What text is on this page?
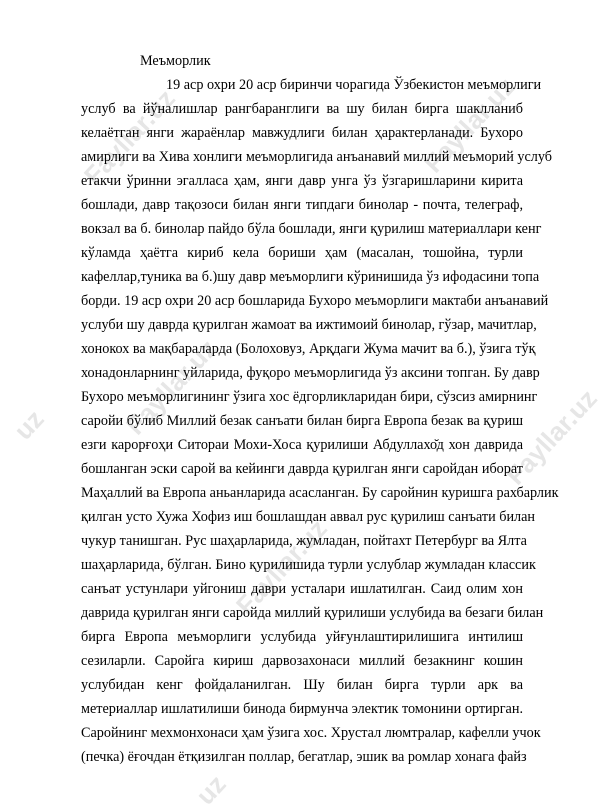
Fayllar.uz	Fayllar.uz
Fayllar.uz
Fayllar.uz
Fayllar.uz
uz
uz
Меъморлик
19 аср охри 20 аср биринчи чорагида Ўзбекистон меъморлиги
услуб ва йўналишлар рангбаранглиги ва шу билан бирга шаклланиб
келаётган янги жараёнлар мавжудлиги билан ҳарактерланади. Бухоро
амирлиги ва Хива хонлиги меъморлигида анъанавий миллий меъморий услуб
етакчи ўринни эгалласа ҳам, янги давр унга ўз ўзгаришларини кирита
бошлади, давр тақозоси билан янги типдаги бинолар - почта, телеграф,
вокзал ва б. бинолар пайдо бўла бошлади, янги қурилиш материаллари кенг
кўламда ҳаётга кириб кела бориши ҳам (масалан, тошойна, турли
кафеллар,туника ва б.)шу давр меъморлиги кўринишида ўз ифодасини топа
борди. 19 аср охри 20 аср бошларида Бухоро меъморлиги мактаби анъанавий
услуби шу даврда қурилган жамоат ва ижтимоий бинолар, гўзар, мачитлар,
хонокох ва мақбараларда (Болоховуз, Арқдаги Жума мачит ва б.), ўзига тўқ
хонадонларнинг уйларида, фуқоро меъморлигида ўз аксини топган. Бу давр
Бухоро меъморлигининг ўзига хос ёдгорликларидан бири, сўзсиз амирнинг
саройи бўлиб Миллий безак санъати билан бирга Европа безак ва қуриш
езги карорғоҳи Ситораи Мохи-Хоса қурилиши Абдуллахо̆д хон даврида
бошланган эски сарой ва кейинги даврда қурилган янги саройдан иборат
Маҳаллий ва Европа аньанларида асасланган. Бу саройнин куришга рахбарлик
қилган усто Хужа Хофиз иш бошлашдан аввал рус қурилиш санъати билан
чукур танишган. Рус шаҳарларида, жумладан, пойтахт Петербург ва Ялта
шаҳарларида, бўлган. Бино қурилишида турли услублар жумладан классик
санъат устунлари уйгониш даври усталари ишлатилган. Саид олим хон
даврида қурилган янги саройда миллий қурилиши услубида ва безаги билан
бирга Европа меъморлиги услубида уйғунлаштирилишига интилиш
сезиларли. Саройга кириш дарвозахонаси миллий безакнинг кошин
услубидан кенг фойдаланилган. Шу билан бирга турли арк ва
метериаллар ишлатилиши бинода бирмунча электик томонини ортирган.
Саройнинг мехмонхонаси ҳам ўзига хос. Хрустал люмтралар, кафелли учок
(печка) ёғочдан ётқизилган поллар, бегатлар, эшик ва ромлар хонага файз
